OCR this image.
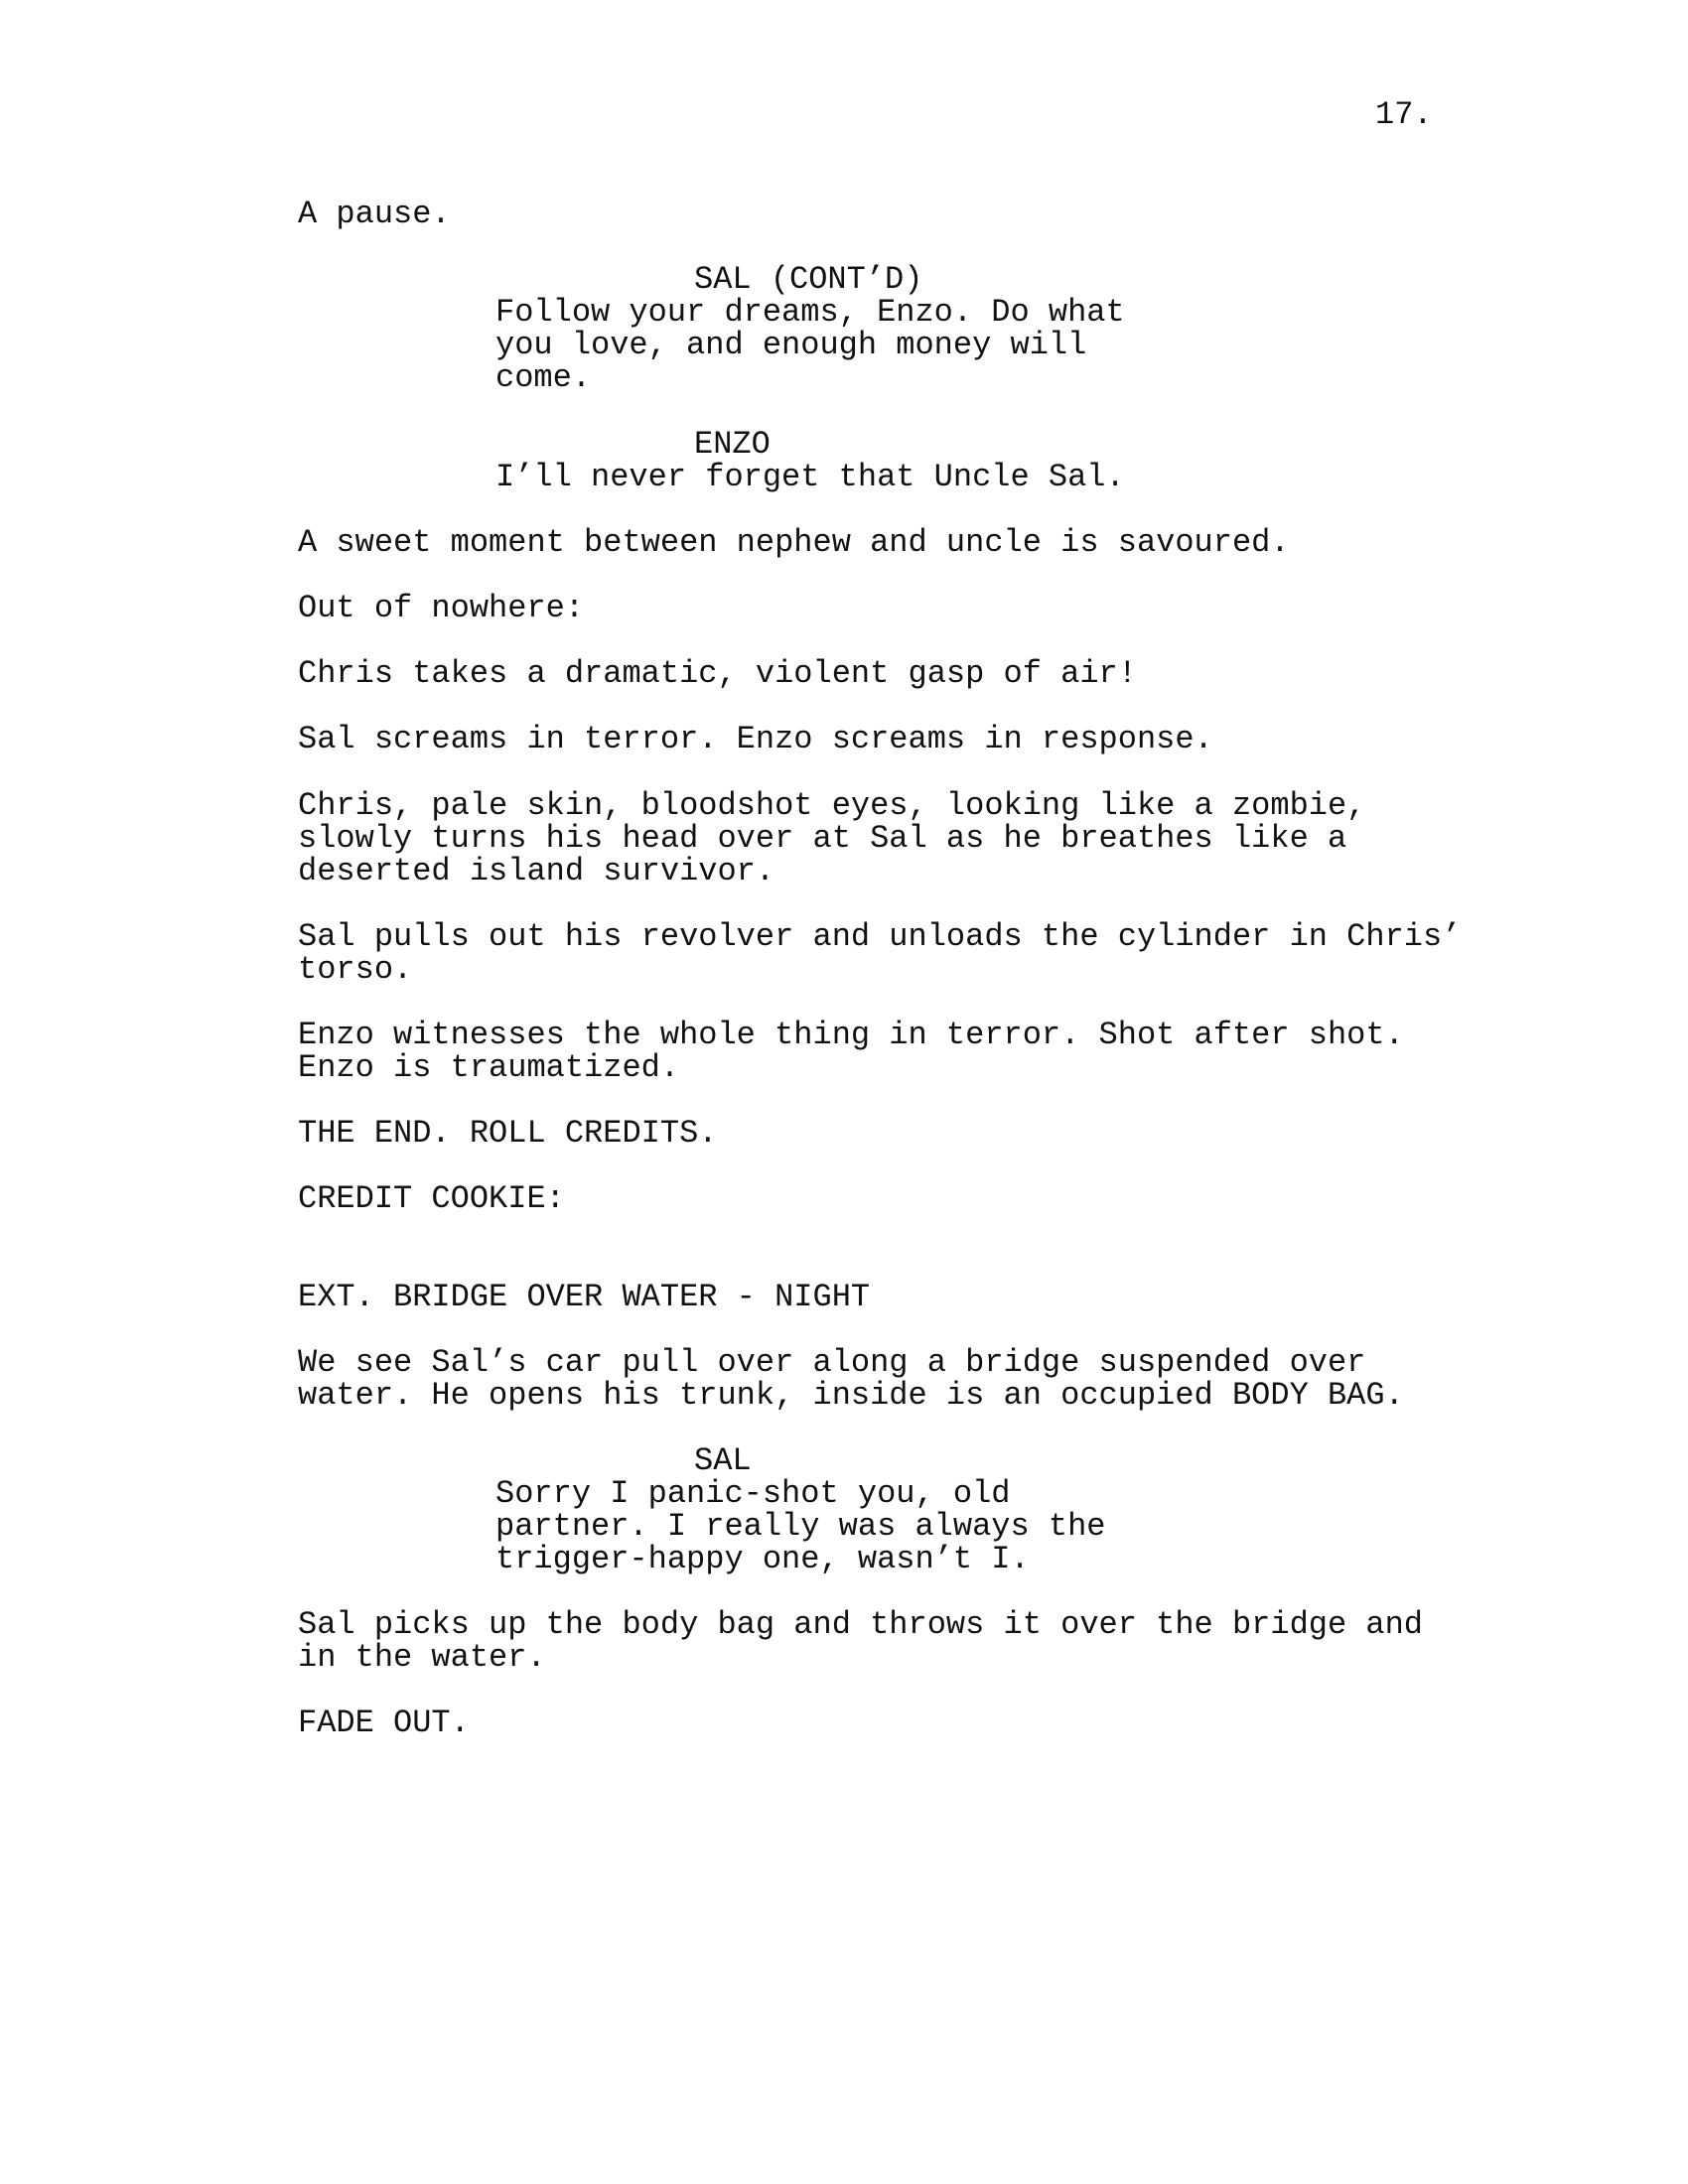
17.
A pause.
SAL (CONT’D)
Follow your dreams, Enzo. Do what
you love, and enough money will
come.
ENZO
I’ll never forget that Uncle Sal.
A sweet moment between nephew and uncle is savoured.
Out of nowhere:
Chris takes a dramatic, violent gasp of air!
Sal screams in terror. Enzo screams in response.
Chris, pale skin, bloodshot eyes, looking like a zombie,
slowly turns his head over at Sal as he breathes like a
deserted island survivor.
Sal pulls out his revolver and unloads the cylinder in Chris’
torso.
Enzo witnesses the whole thing in terror. Shot after shot.
Enzo is traumatized.
THE END. ROLL CREDITS.
CREDIT COOKIE:
EXT. BRIDGE OVER WATER - NIGHT
We see Sal’s car pull over along a bridge suspended over
water. He opens his trunk, inside is an occupied BODY BAG.
SAL
Sorry I panic-shot you, old
partner. I really was always the
trigger-happy one, wasn’t I.
Sal picks up the body bag and throws it over the bridge and
in the water.
FADE OUT.
